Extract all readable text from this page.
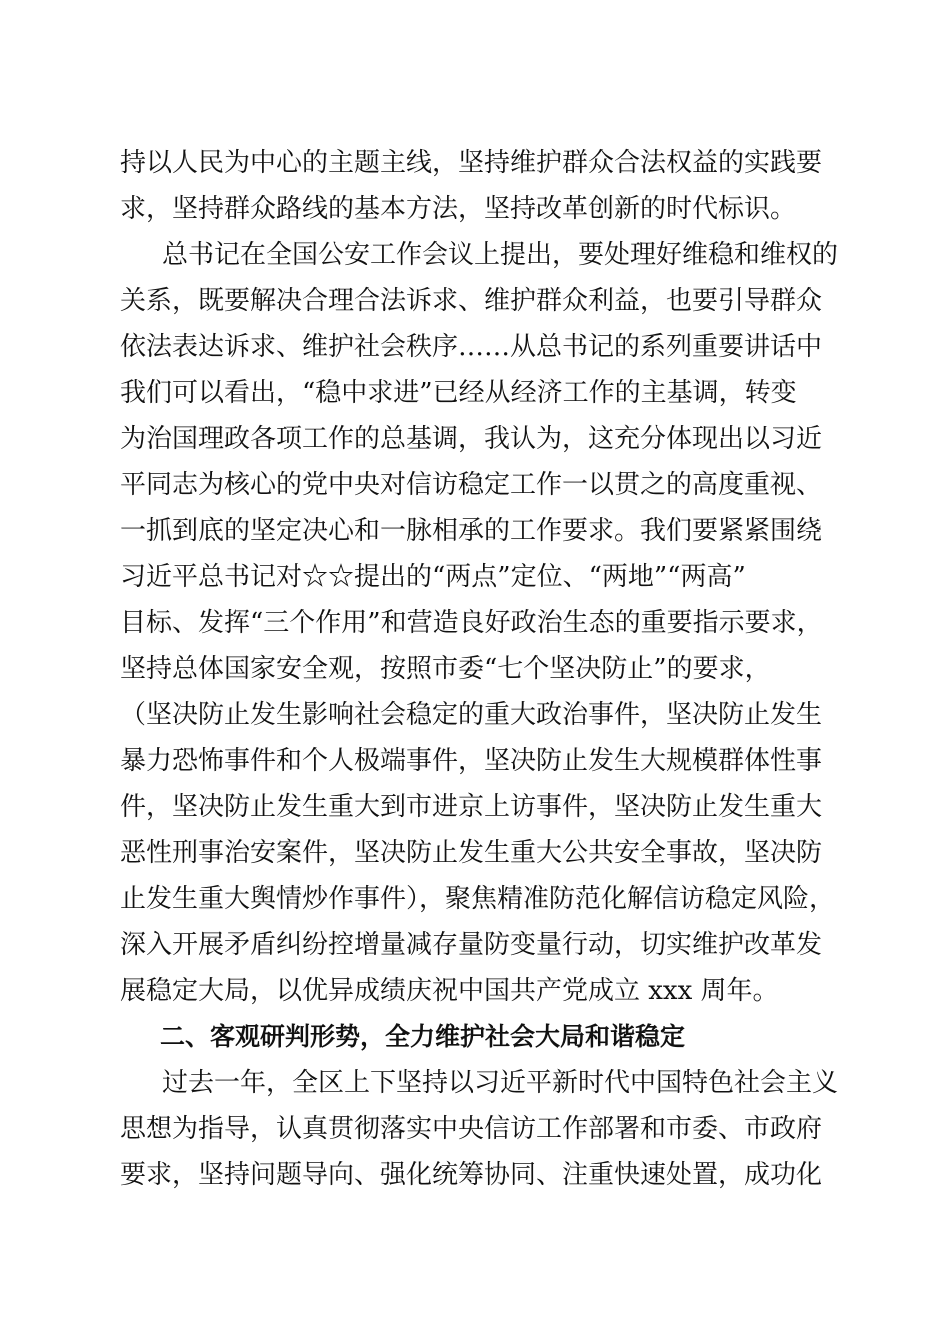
持以人民为中心的主题主线，坚持维护群众合法权益的实践要
求，坚持群众路线的基本方法，坚持改革创新的时代标识。
总书记在全国公安工作会议上提出，要处理好维稳和维权的
关系，既要解决合理合法诉求、维护群众利益，也要引导群众
依法表达诉求、维护社会秩序……从总书记的系列重要讲话中
我们可以看出，“稳中求进”已经从经济工作的主基调，转变
为治国理政各项工作的总基调，我认为，这充分体现出以习近
平同志为核心的党中央对信访稳定工作一以贯之的高度重视、
一抓到底的坚定决心和一脉相承的工作要求。我们要紧紧围绕
习近平总书记对☆☆提出的“两点”定位、“两地”“两高”
目标、发挥“三个作用”和营造良好政治生态的重要指示要求，
坚持总体国家安全观，按照市委“七个坚决防止”的要求，
（坚决防止发生影响社会稳定的重大政治事件，坚决防止发生
暴力恐怖事件和个人极端事件，坚决防止发生大规模群体性事
件，坚决防止发生重大到市进京上访事件，坚决防止发生重大
恶性刑事治安案件，坚决防止发生重大公共安全事故，坚决防
止发生重大舆情炒作事件），聚焦精准防范化解信访稳定风险，
深入开展矛盾纠纷控增量减存量防变量行动，切实维护改革发
展稳定大局，以优异成绩庆祝中国共产党成立 xxx 周年。
二、客观研判形势，全力维护社会大局和谐稳定
过去一年，全区上下坚持以习近平新时代中国特色社会主义
思想为指导，认真贯彻落实中央信访工作部署和市委、市政府
要求，坚持问题导向、强化统筹协同、注重快速处置，成功化
